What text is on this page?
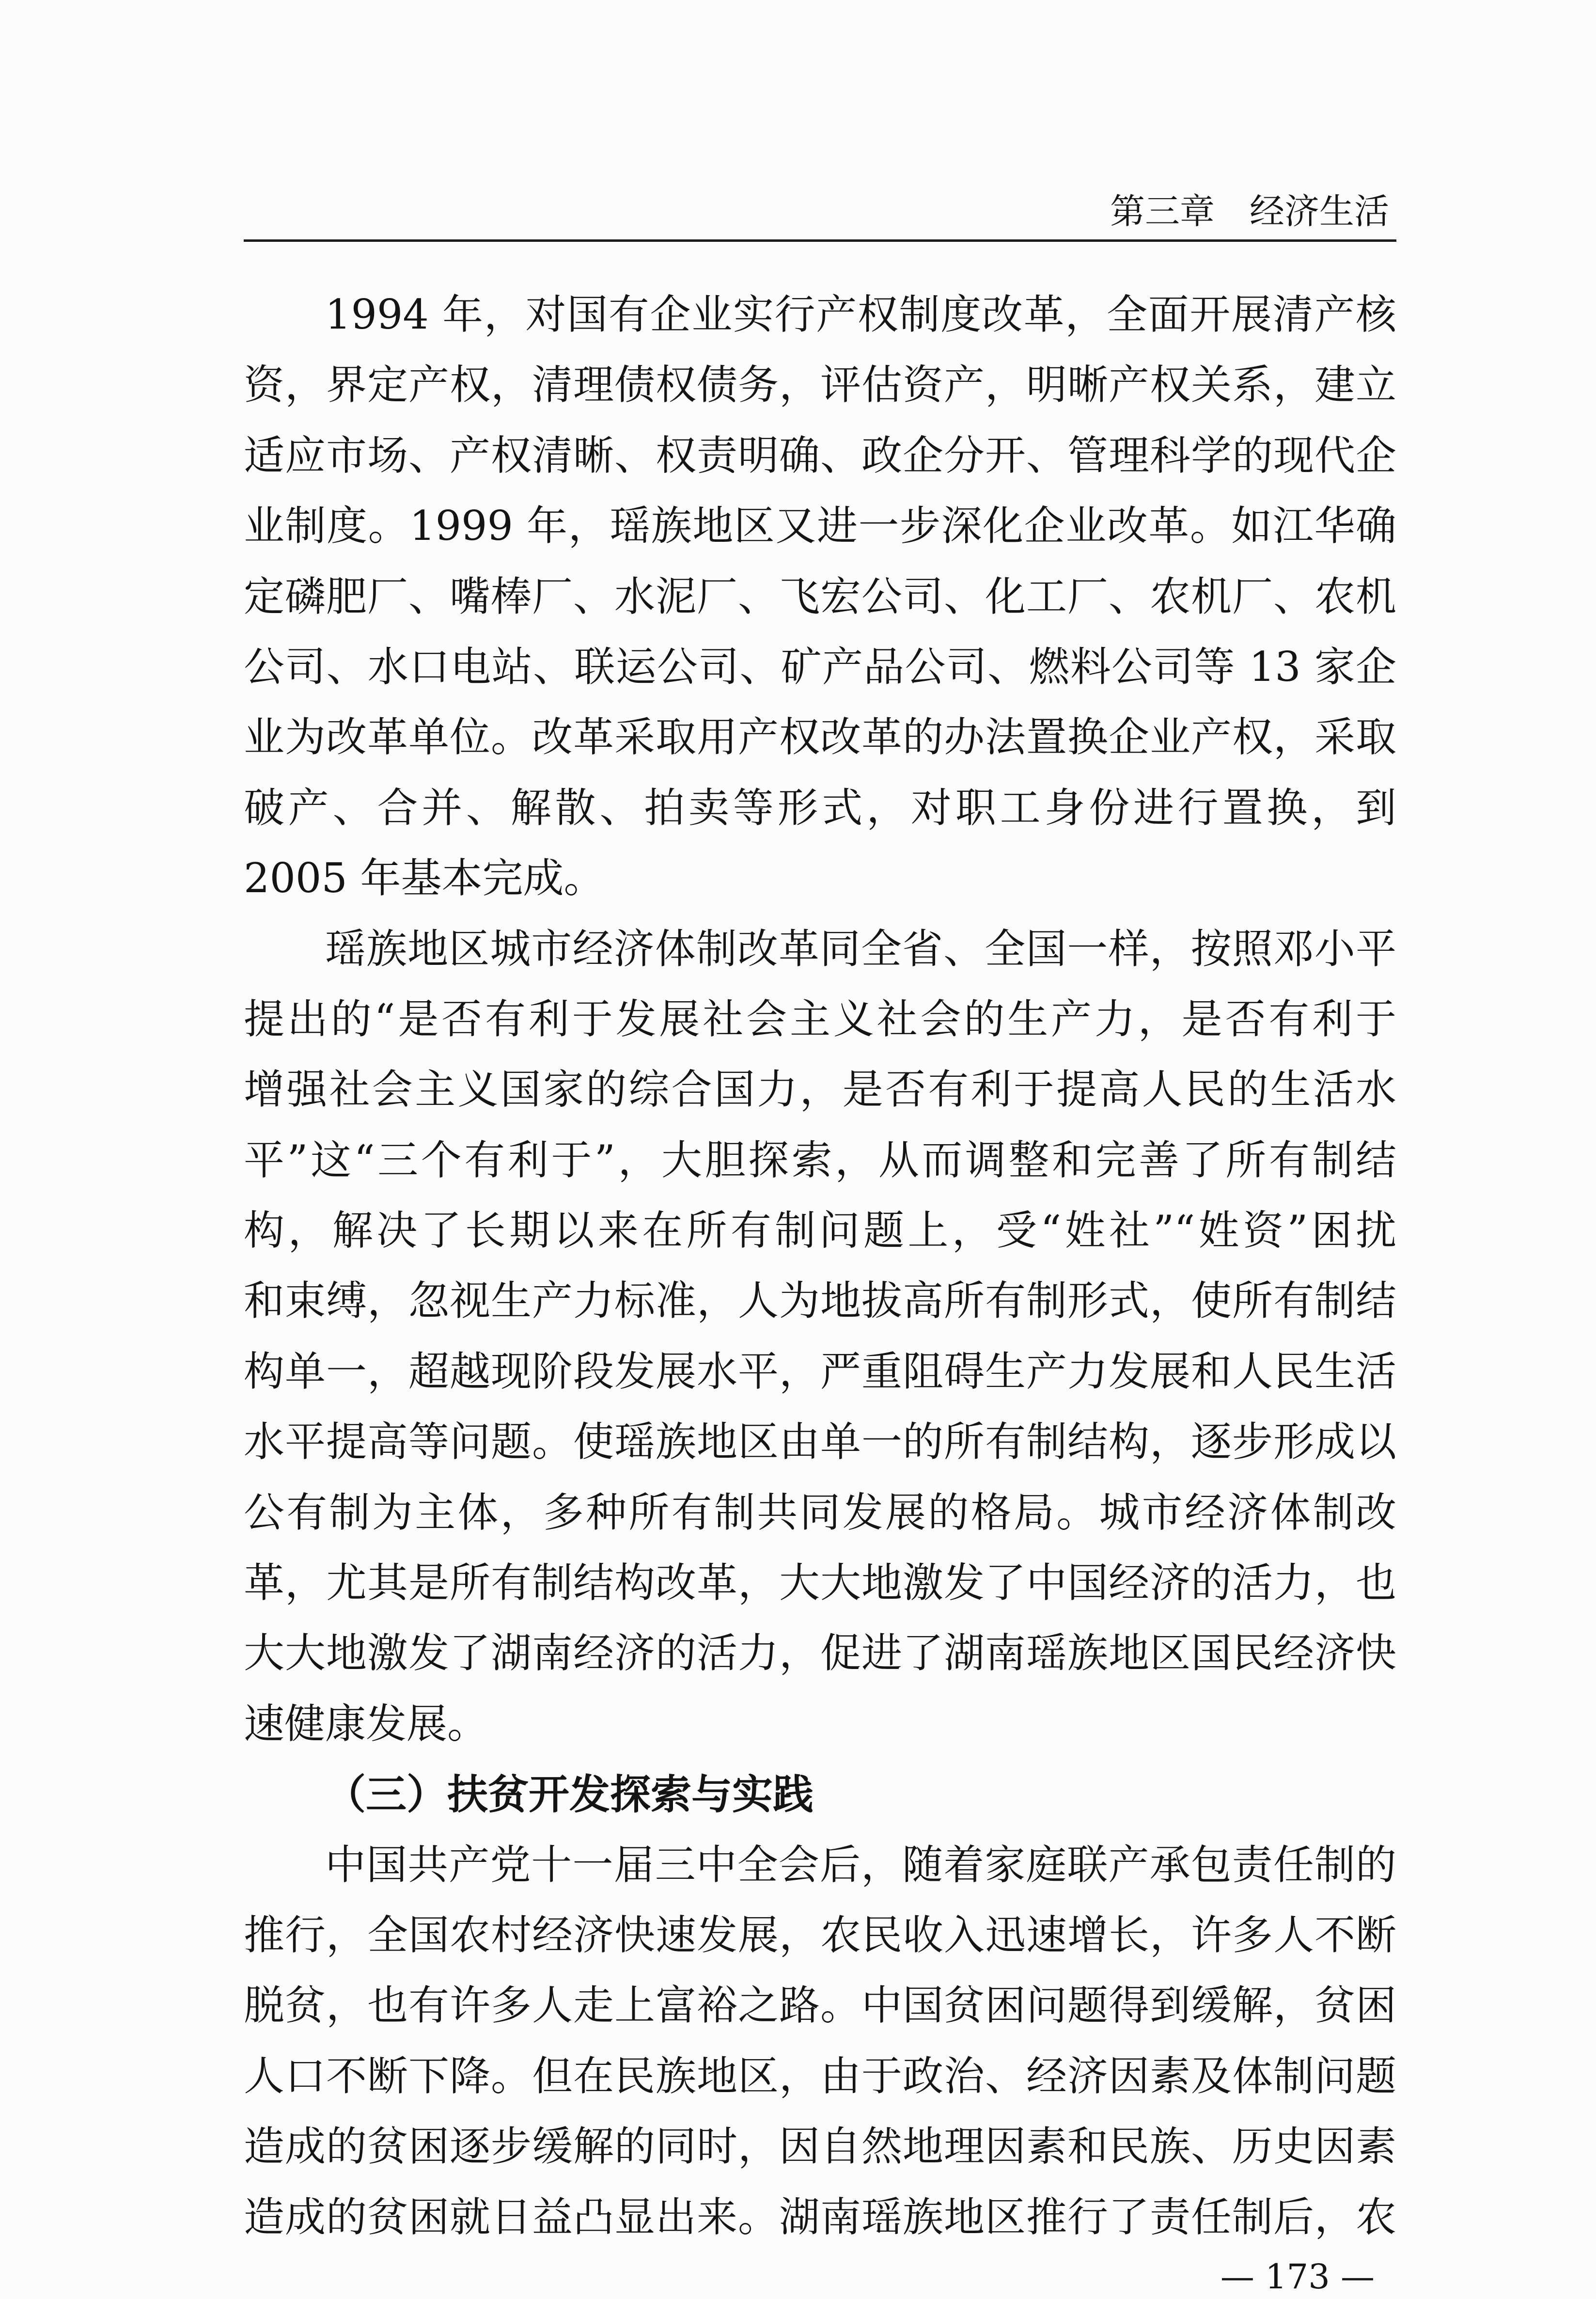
第三章 经济生活
1994 年，对国有企业实行产权制度改革，全面开展清产核
资，界定产权，清理债权债务，评估资产，明晰产权关系，建立
适应市场、产权清晰、权责明确、政企分开、管理科学的现代企
业制度。1999 年，瑶族地区又进一步深化企业改革。如江华确
定磷肥厂、嘴棒厂、水泥厂、飞宏公司、化工厂、农机厂、农机
公司、水口电站、联运公司、矿产品公司、燃料公司等 13 家企
业为改革单位。改革采取用产权改革的办法置换企业产权，采取
破产、合并、解散、拍卖等形式，对职工身份进行置换，到
2005 年基本完成。
瑶族地区城市经济体制改革同全省、全国一样，按照邓小平
提出的“是否有利于发展社会主义社会的生产力，是否有利于
增强社会主义国家的综合国力，是否有利于提高人民的生活水
平”这“三个有利于”，大胆探索，从而调整和完善了所有制结
构，解决了长期以来在所有制问题上，受“姓社”“姓资”困扰
和束缚，忽视生产力标准，人为地拔高所有制形式，使所有制结
构单一，超越现阶段发展水平，严重阻碍生产力发展和人民生活
水平提高等问题。使瑶族地区由单一的所有制结构，逐步形成以
公有制为主体，多种所有制共同发展的格局。城市经济体制改
革，尤其是所有制结构改革，大大地激发了中国经济的活力，也
大大地激发了湖南经济的活力，促进了湖南瑶族地区国民经济快
速健康发展。
（三）扶贫开发探索与实践
中国共产党十一届三中全会后，随着家庭联产承包责任制的
推行，全国农村经济快速发展，农民收入迅速增长，许多人不断
脱贫，也有许多人走上富裕之路。中国贫困问题得到缓解，贫困
人口不断下降。但在民族地区，由于政治、经济因素及体制问题
造成的贫困逐步缓解的同时，因自然地理因素和民族、历史因素
造成的贫困就日益凸显出来。湖南瑶族地区推行了责任制后，农
— 173 —
